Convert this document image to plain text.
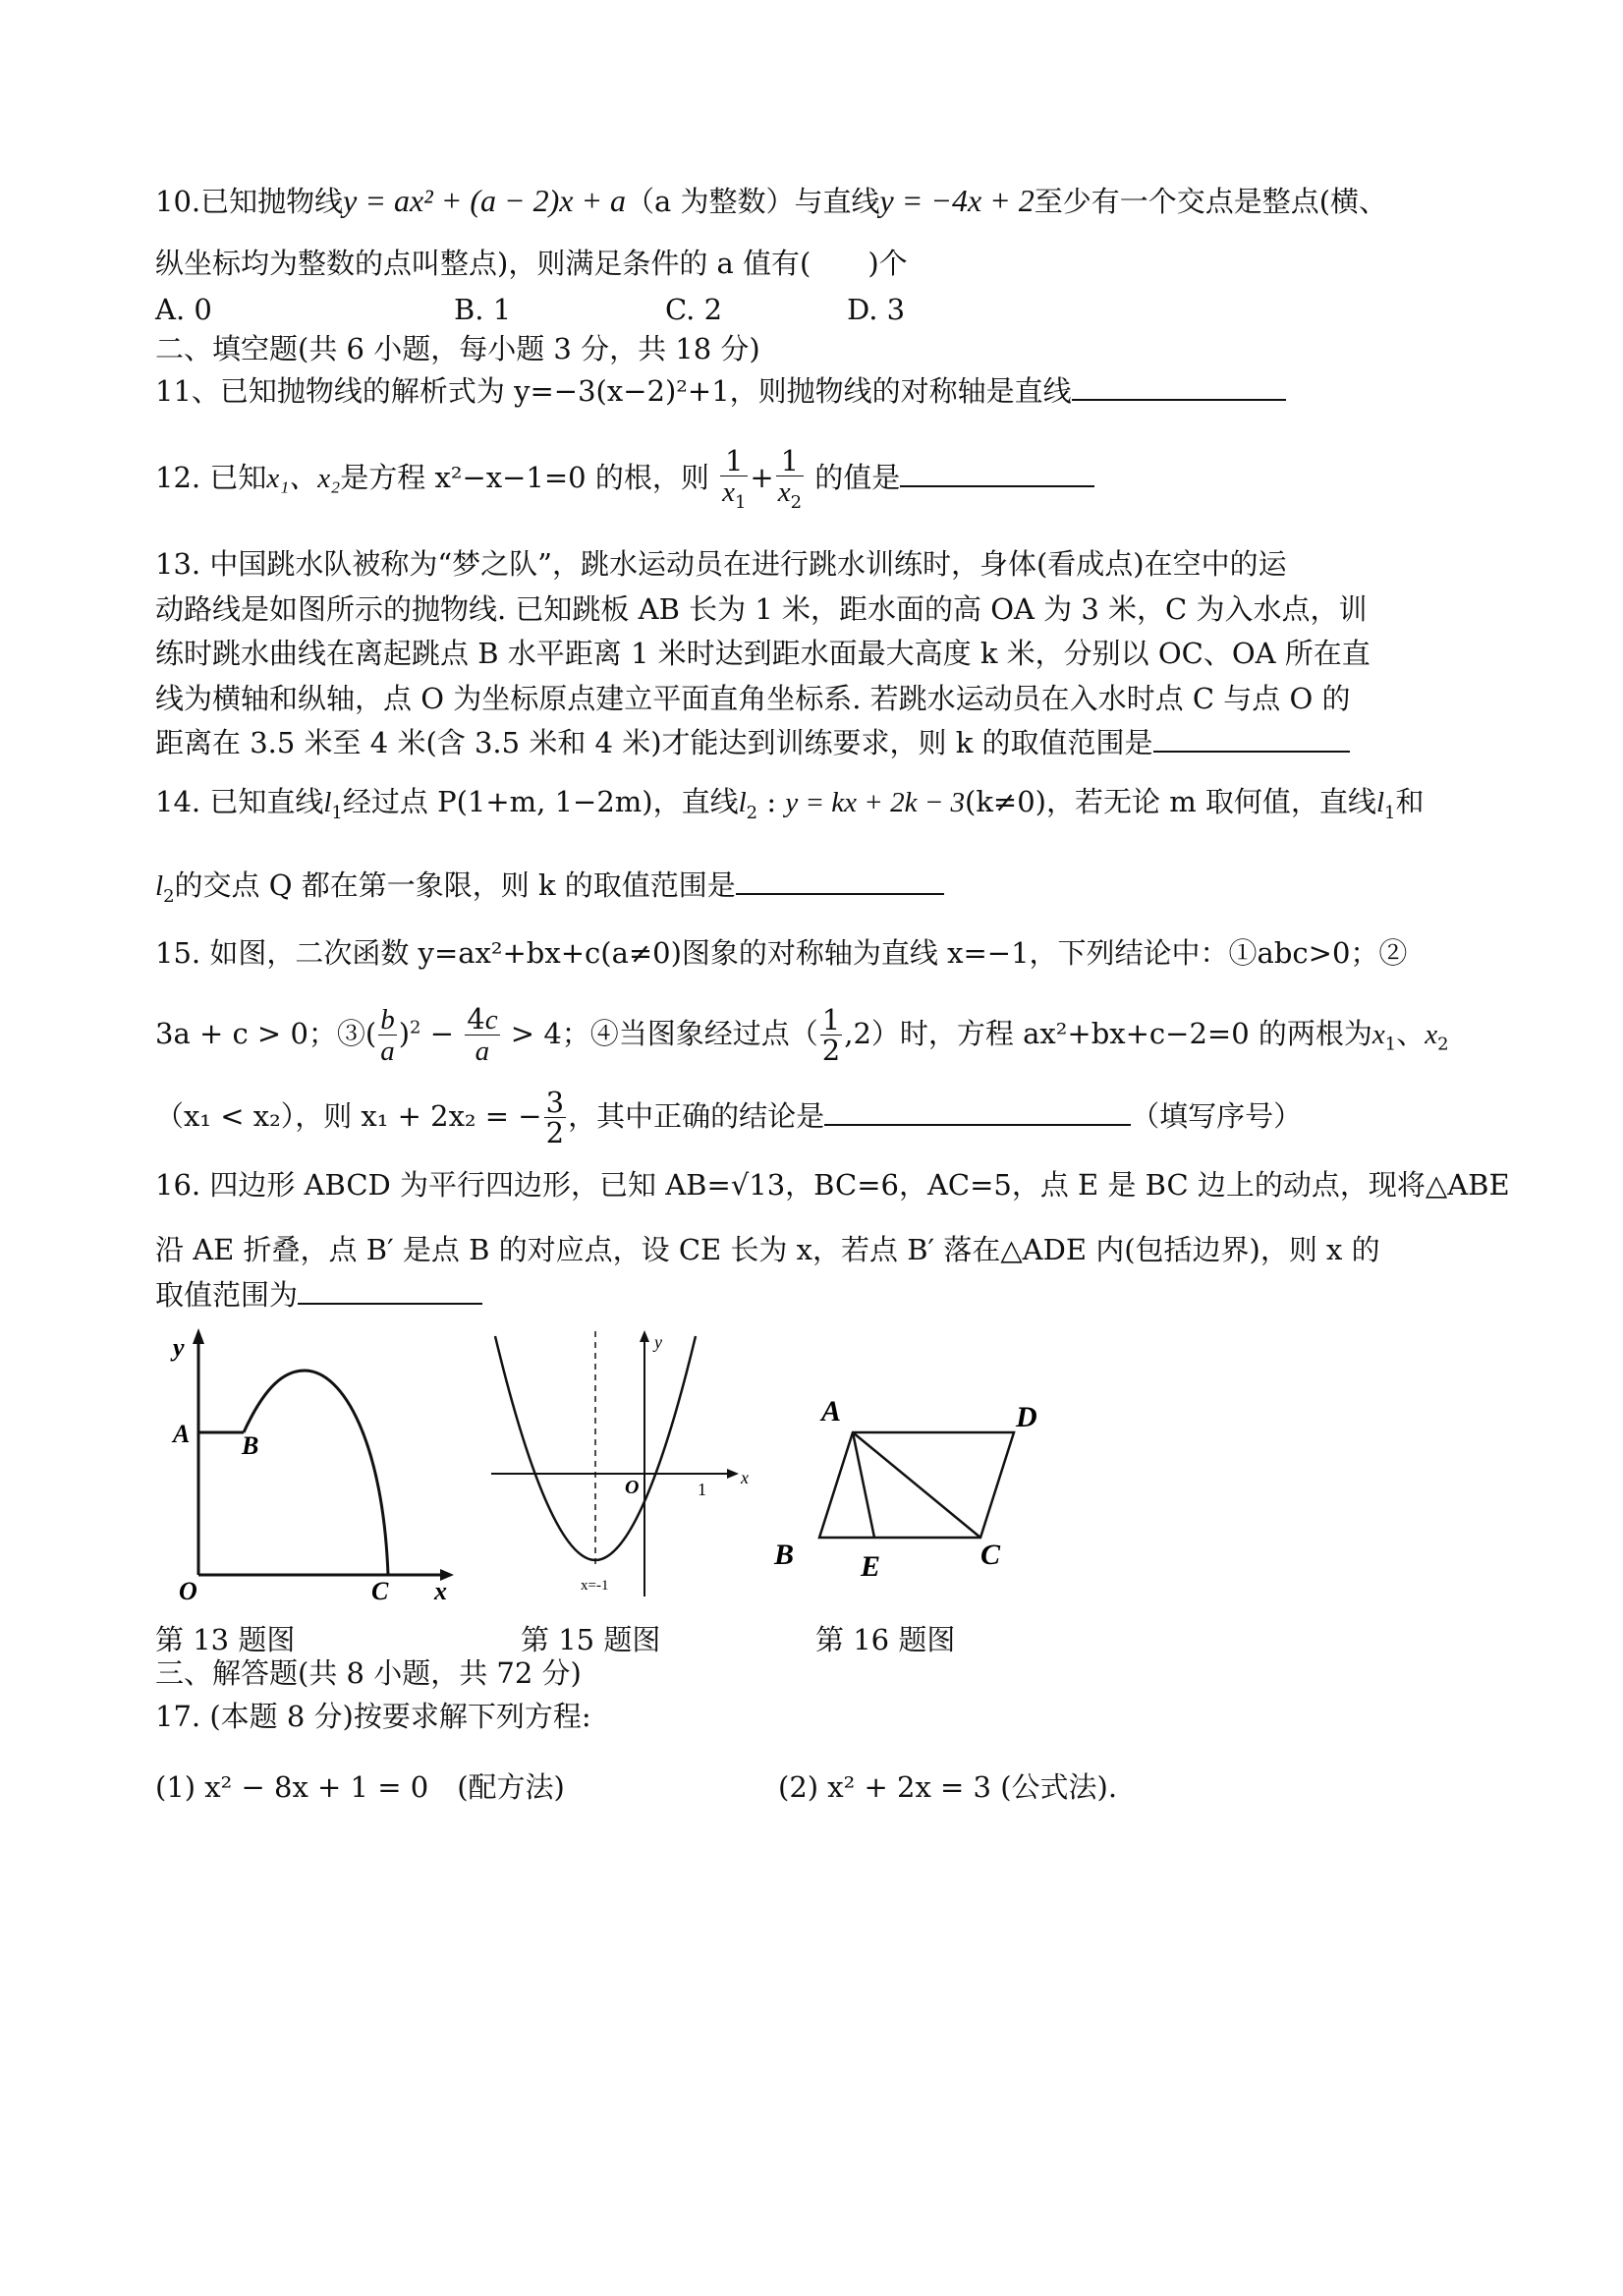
10.已知抛物线y = ax² + (a − 2)x + a（a 为整数）与直线y = −4x + 2至少有一个交点是整点(横、
纵坐标均为整数的点叫整点)，则满足条件的 a 值有(　　)个
A. 0	B. 1	C. 2	D. 3
二、填空题(共 6 小题，每小题 3 分，共 18 分)
11、已知抛物线的解析式为 y=−3(x−2)²+1，则抛物线的对称轴是直线
12. 已知x₁、x₂是方程 x²−x−1=0 的根，则 $\frac{1}{x_1} + \frac{1}{x_2}$ 的值是
13. 中国跳水队被称为“梦之队”，跳水运动员在进行跳水训练时，身体(看成点)在空中的运
动路线是如图所示的抛物线. 已知跳板 AB 长为 1 米，距水面的高 OA 为 3 米，C 为入水点，训
练时跳水曲线在离起跳点 B 水平距离 1 米时达到距水面最大高度 k 米，分别以 OC、OA 所在直
线为横轴和纵轴，点 O 为坐标原点建立平面直角坐标系. 若跳水运动员在入水时点 C 与点 O 的
距离在 3.5 米至 4 米(含 3.5 米和 4 米)才能达到训练要求，则 k 的取值范围是
14. 已知直线$l_1$经过点 P(1+m, 1−2m)，直线$l_2$ : y = kx + 2k − 3(k≠0)，若无论 m 取何值，直线$l_1$和
$l_2$的交点 Q 都在第一象限，则 k 的取值范围是
15. 如图，二次函数 y=ax²+bx+c(a≠0)图象的对称轴为直线 x=−1，下列结论中：①abc>0；②
3a + c > 0；③( $\frac{b}{a} )^2 - \frac{4c}{a} > 4$；④当图象经过点（ $\frac{1}{2} ,2$）时，方程 ax²+bx+c−2=0 的两根为$x_1$、$x_2$
（x₁ < x₂），则 x₁ + 2x₂ = − $\frac{3}{2}$ ，其中正确的结论是	（填写序号）
16. 四边形 ABCD 为平行四边形，已知 AB=√13，BC=6，AC=5，点 E 是 BC 边上的动点，现将△ABE
沿 AE 折叠，点 B′ 是点 B 的对应点，设 CE 长为 x，若点 B′ 落在△ADE 内(包括边界)，则 x 的
取值范围为
y
A B
O	C x
y
x
O	1
x=-1
A	D
B E	C
第 13 题图	第 15 题图	第 16 题图
三、解答题(共 8 小题，共 72 分)
17. (本题 8 分)按要求解下列方程:
(1) x² − 8x + 1 = 0　(配方法)	(2) x² + 2x = 3 (公式法).
